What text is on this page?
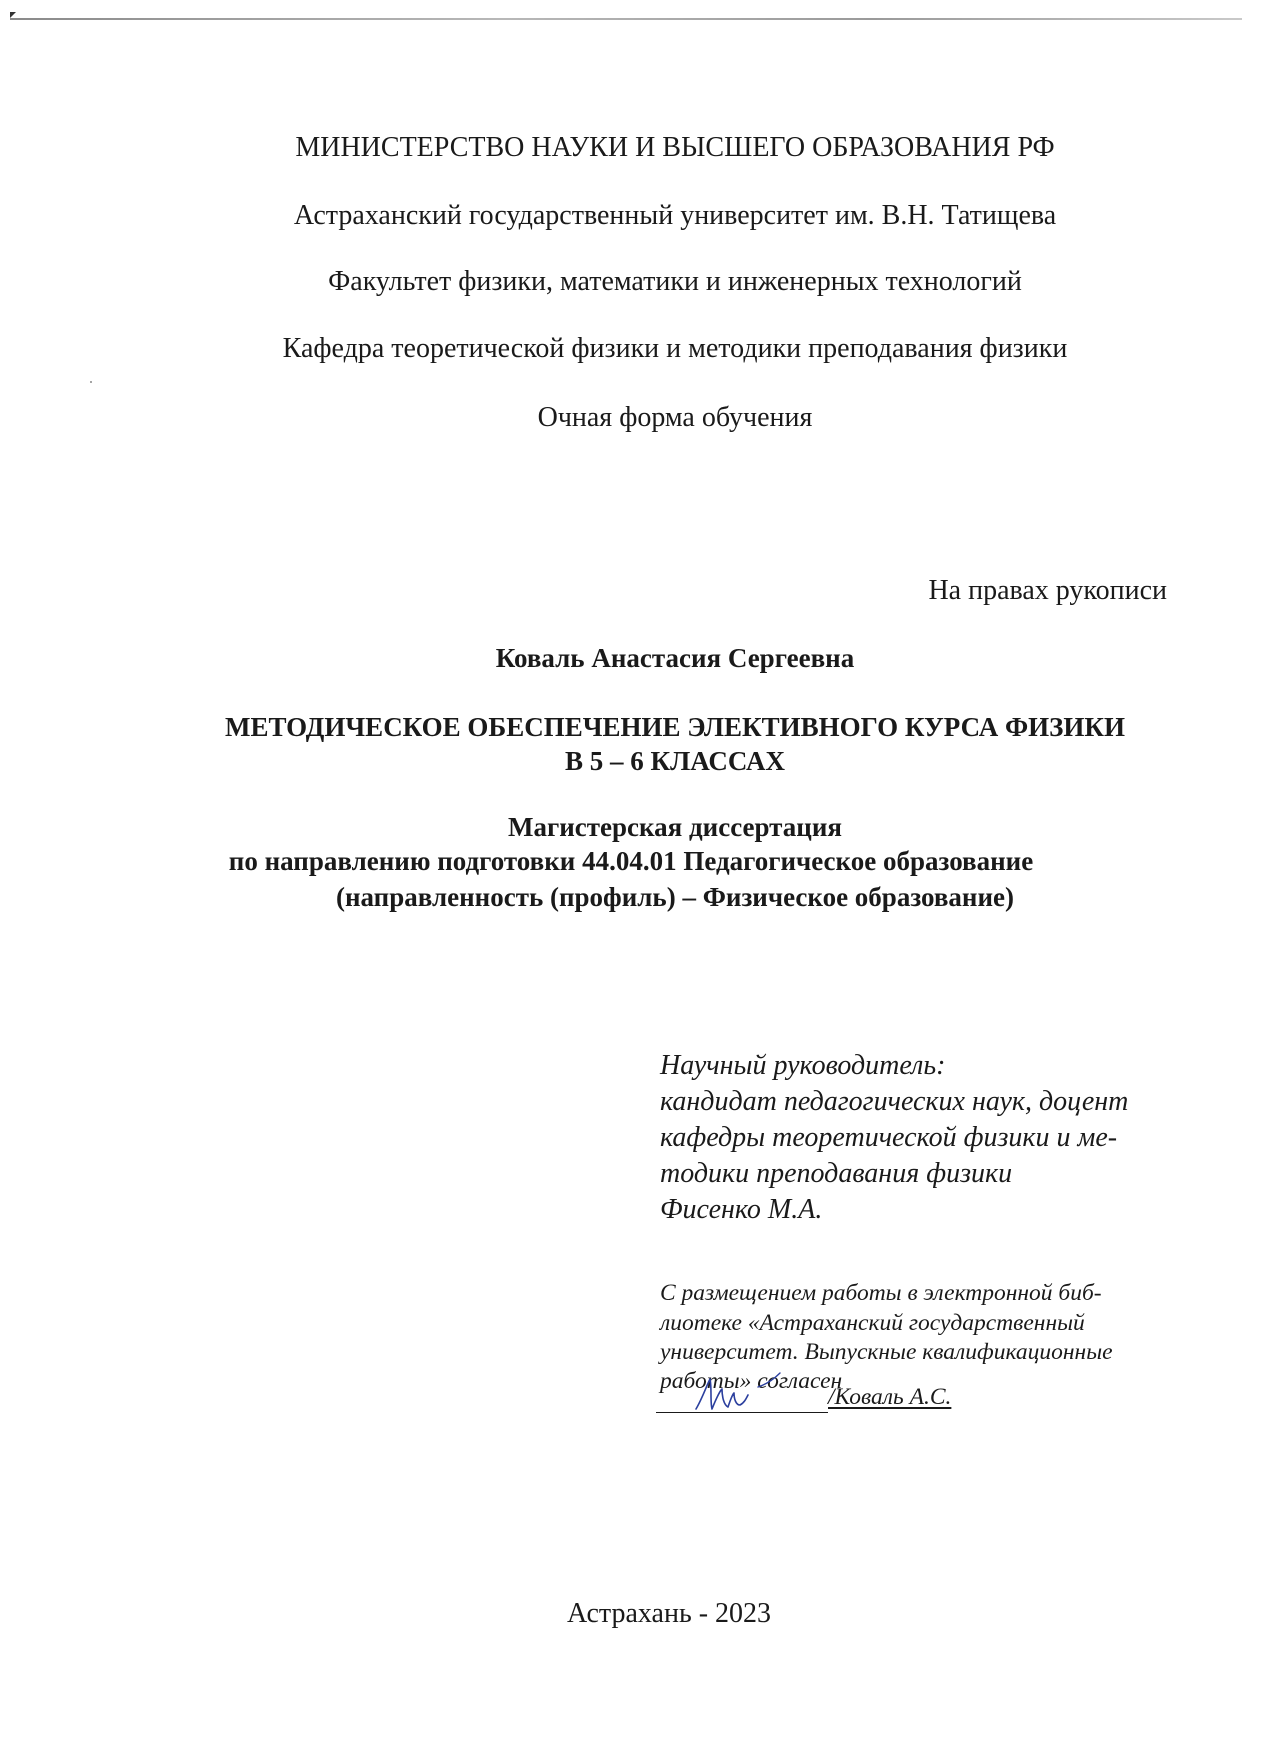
МИНИСТЕРСТВО НАУКИ И ВЫСШЕГО ОБРАЗОВАНИЯ РФ
Астраханский государственный университет им. В.Н. Татищева
Факультет физики, математики и инженерных технологий
Кафедра теоретической физики и методики преподавания физики
Очная форма обучения
На правах рукописи
Коваль Анастасия Сергеевна
МЕТОДИЧЕСКОЕ ОБЕСПЕЧЕНИЕ ЭЛЕКТИВНОГО КУРСА ФИЗИКИ
В 5 – 6 КЛАССАХ
Магистерская диссертация
по направлению подготовки 44.04.01 Педагогическое образование
(направленность (профиль) – Физическое образование)
Научный руководитель:
кандидат педагогических наук, доцент
кафедры теоретической физики и ме-
тодики преподавания физики
Фисенко М.А.
С размещением работы в электронной биб-
лиотеке «Астраханский государственный
университет. Выпускные квалификационные
работы» согласен
/Коваль А.С.
Астрахань - 2023
